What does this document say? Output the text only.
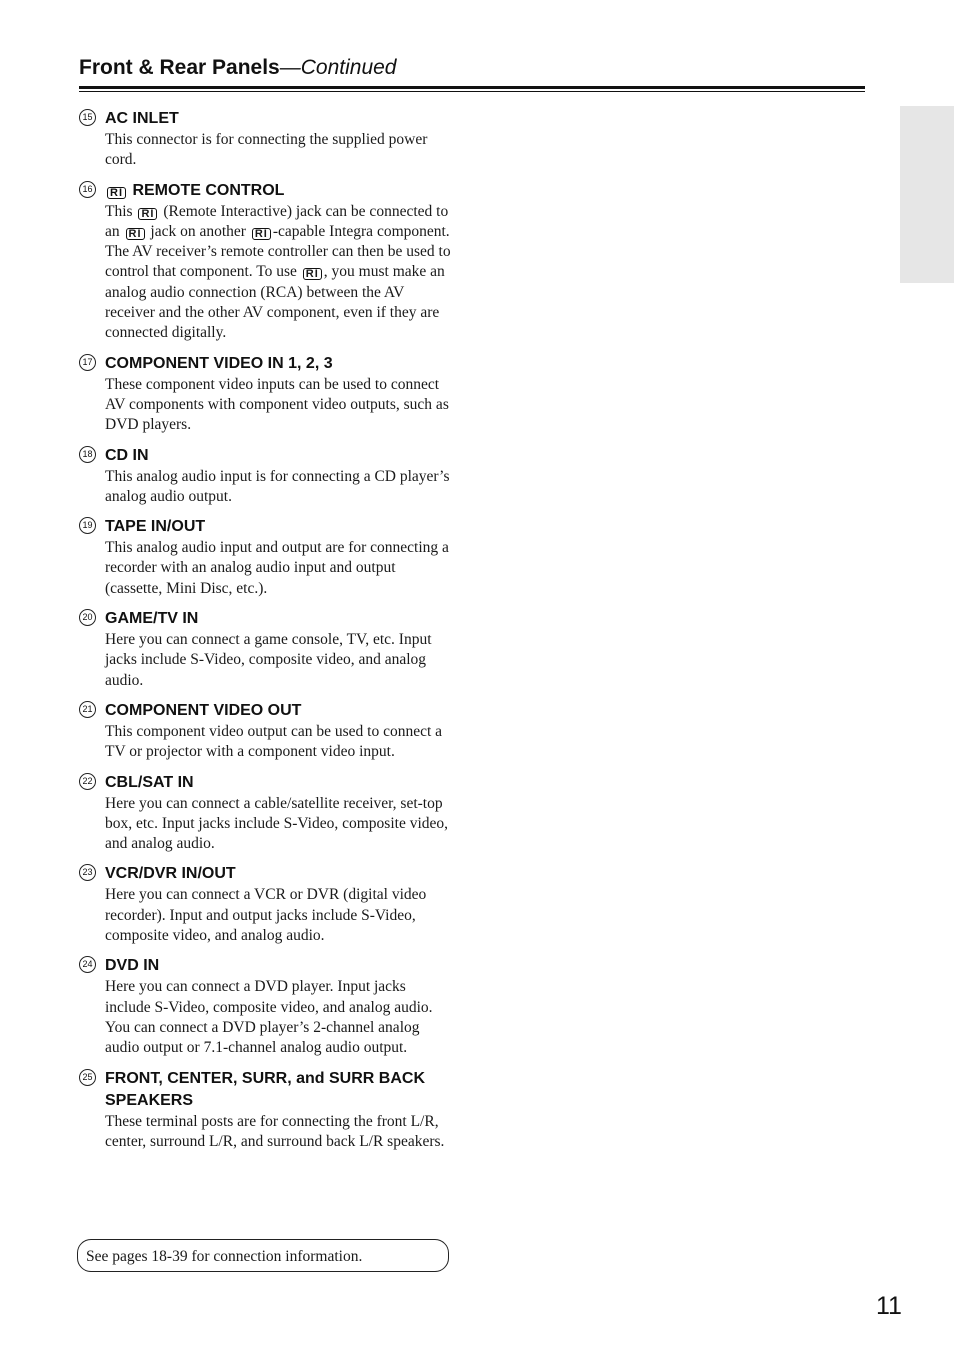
Front & Rear Panels—Continued
15 AC INLET
This connector is for connecting the supplied power cord.
16	RI REMOTE CONTROL
This RI (Remote Interactive) jack can be connected to an RI jack on another RI -capable Integra component. The AV receiver’s remote controller can then be used to control that component. To use RI , you must make an analog audio connection (RCA) between the AV receiver and the other AV component, even if they are connected digitally.
17 COMPONENT VIDEO IN 1, 2, 3
These component video inputs can be used to connect AV components with component video outputs, such as DVD players.
18 CD IN
This analog audio input is for connecting a CD player’s analog audio output.
19 TAPE IN/OUT
This analog audio input and output are for connecting a recorder with an analog audio input and output (cassette, Mini Disc, etc.).
20 GAME/TV IN
Here you can connect a game console, TV, etc. Input jacks include S-Video, composite video, and analog audio.
21 COMPONENT VIDEO OUT
This component video output can be used to connect a TV or projector with a component video input.
22 CBL/SAT IN
Here you can connect a cable/satellite receiver, set-top box, etc. Input jacks include S-Video, composite video, and analog audio.
23 VCR/DVR IN/OUT
Here you can connect a VCR or DVR (digital video recorder). Input and output jacks include S-Video, composite video, and analog audio.
24 DVD IN
Here you can connect a DVD player. Input jacks include S-Video, composite video, and analog audio. You can connect a DVD player’s 2-channel analog audio output or 7.1-channel analog audio output.
25 FRONT, CENTER, SURR, and SURR BACK SPEAKERS
These terminal posts are for connecting the front L/R, center, surround L/R, and surround back L/R speakers.
See pages 18-39 for connection information.
11
